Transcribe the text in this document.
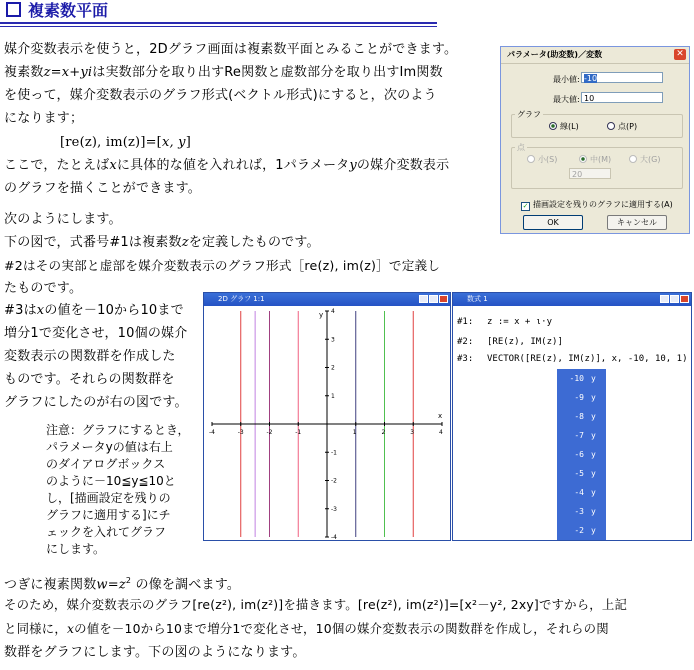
複素数平面
媒介変数表示を使うと，2Dグラフ画面は複素数平面とみることができます。
複素数z=x+yiは実数部分を取り出すRe関数と虚数部分を取り出すIm関数
を使って，媒介変数表示のグラフ形式(ベクトル形式)にすると，次のよう
になります；
[re(z), im(z)]=[x, y]
ここで，たとえばxに具体的な値を入れれば，1パラメータyの媒介変数表示
のグラフを描くことができます。
次のようにします。
下の図で，式番号#1は複素数zを定義したものです。
#2はその実部と虚部を媒介変数表示のグラフ形式［re(z), im(z)］で定義し
たものです。
#3はxの値を－10から10まで
増分1で変化させ，10個の媒介
変数表示の関数群を作成した
ものです。それらの関数群を
グラフにしたのが右の図です。
注意：グラフにするとき，
パラメータyの値は右上
のダイアログボックス
のように－10≦y≦10と
し，[描画設定を残りの
グラフに適用する]にチ
ェックを入れてグラフ
にします。
つぎに複素関数$w=z^2$ の像を調べます。
そのため，媒介変数表示のグラフ[re(z²), im(z²)]を描きます。[re(z²), im(z²)]=[x²－y², 2xy]ですから，上記
と同様に，xの値を－10から10まで増分1で変化させ，10個の媒介変数表示の関数群を作成し，それらの関
数群をグラフにします。下の図のようになります。
パラメータ(助変数)／変数	✕
最小値: -10
最大値: 10
グラフ
線(L)	点(P)
点
小(S)	中(M)	大(G)
20
✓ 描画設定を残りのグラフに適用する(A)
OK	キャンセル
2D グラフ 1:1
y
x
-4	-3	-2	-1	1	2	3	4
4
3
2
1
-1
-2
-3
-4
数式 1
#1: z := x + ι·y
#2: [RE(z), IM(z)]
#3: VECTOR([RE(z), IM(z)], x, -10, 10, 1)
-10 y
-9 y
-8 y
-7 y
-6 y
-5 y
-4 y
-3 y
-2 y
